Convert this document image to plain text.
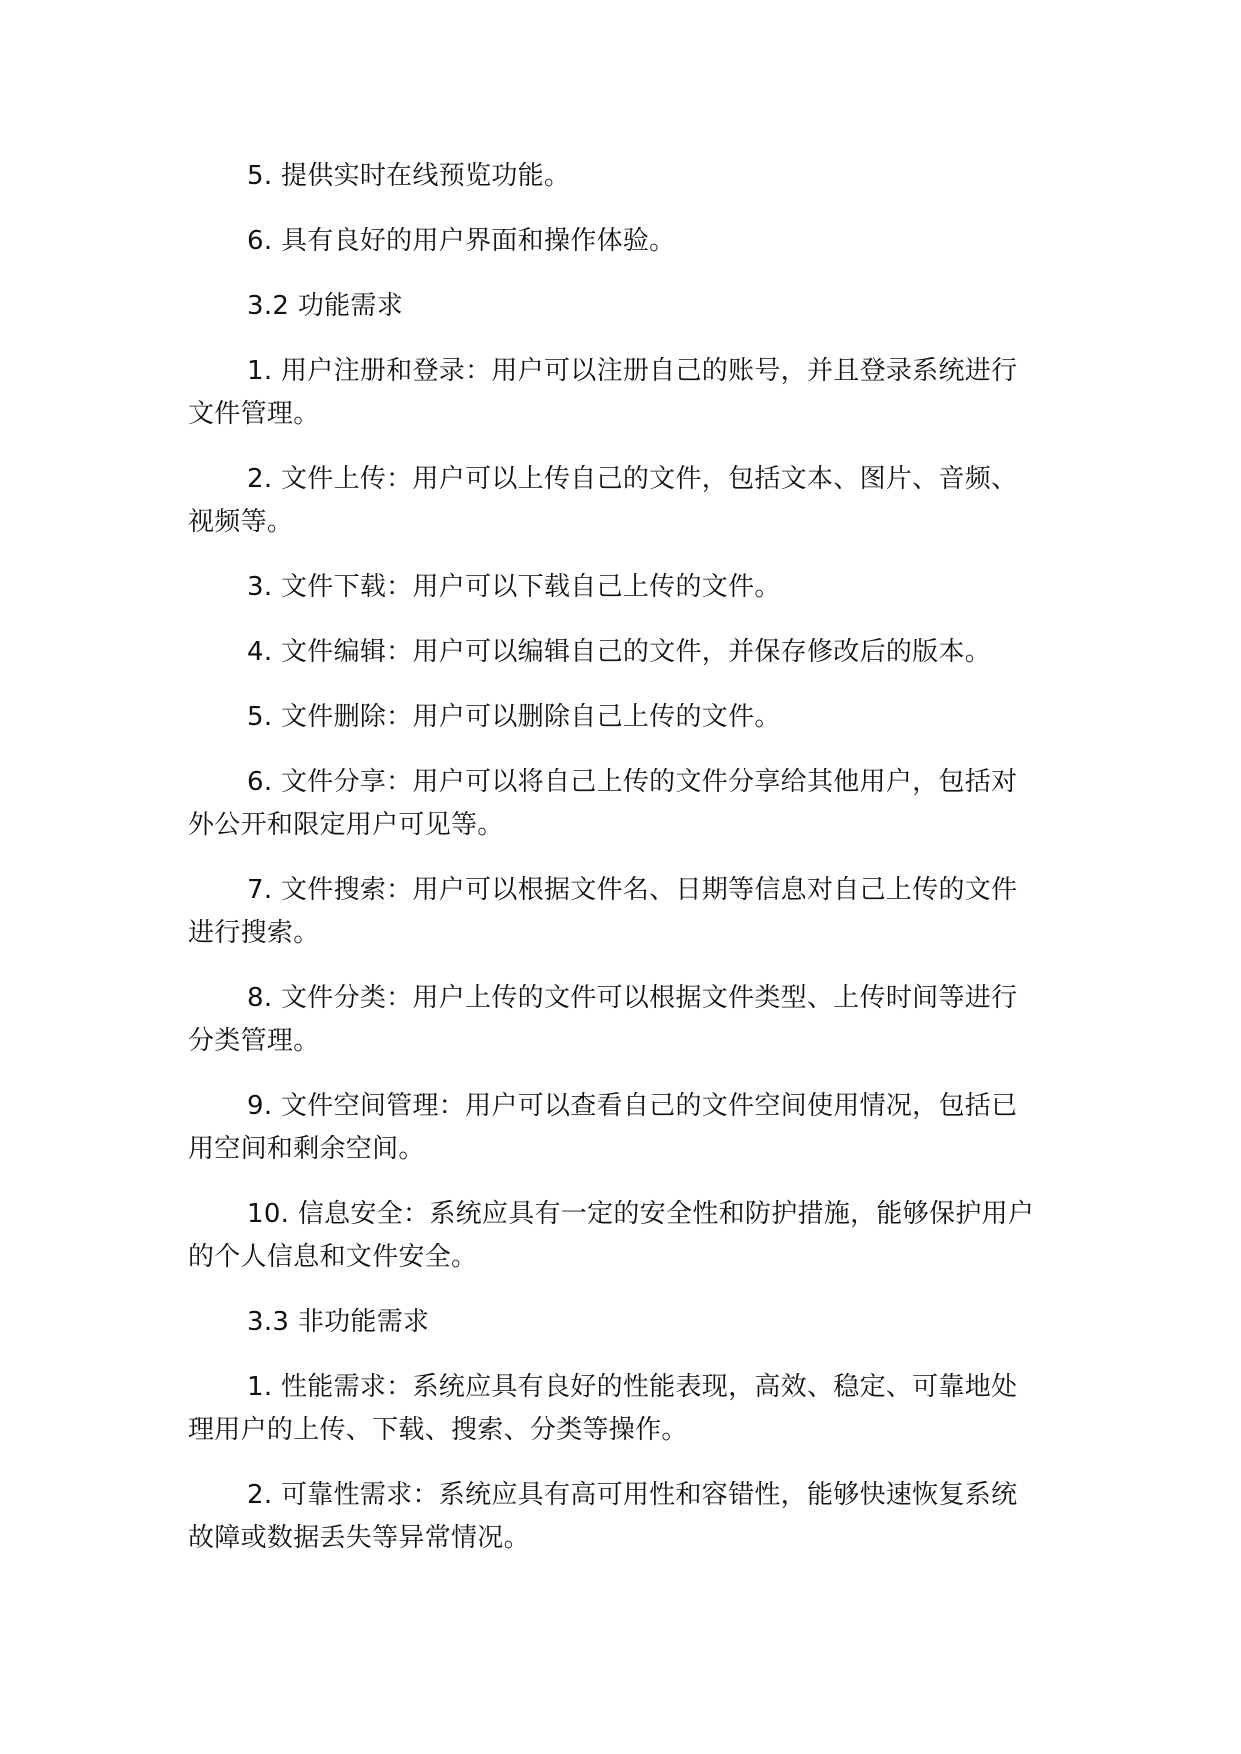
5. 提供实时在线预览功能。

6. 具有良好的用户界面和操作体验。

3.2 功能需求

1. 用户注册和登录：用户可以注册自己的账号，并且登录系统进行文件管理。

2. 文件上传：用户可以上传自己的文件，包括文本、图片、音频、视频等。

3. 文件下载：用户可以下载自己上传的文件。

4. 文件编辑：用户可以编辑自己的文件，并保存修改后的版本。

5. 文件删除：用户可以删除自己上传的文件。

6. 文件分享：用户可以将自己上传的文件分享给其他用户，包括对外公开和限定用户可见等。

7. 文件搜索：用户可以根据文件名、日期等信息对自己上传的文件进行搜索。

8. 文件分类：用户上传的文件可以根据文件类型、上传时间等进行分类管理。

9. 文件空间管理：用户可以查看自己的文件空间使用情况，包括已用空间和剩余空间。

10. 信息安全：系统应具有一定的安全性和防护措施，能够保护用户的个人信息和文件安全。

3.3 非功能需求

1. 性能需求：系统应具有良好的性能表现，高效、稳定、可靠地处理用户的上传、下载、搜索、分类等操作。

2. 可靠性需求：系统应具有高可用性和容错性，能够快速恢复系统故障或数据丢失等异常情况。
